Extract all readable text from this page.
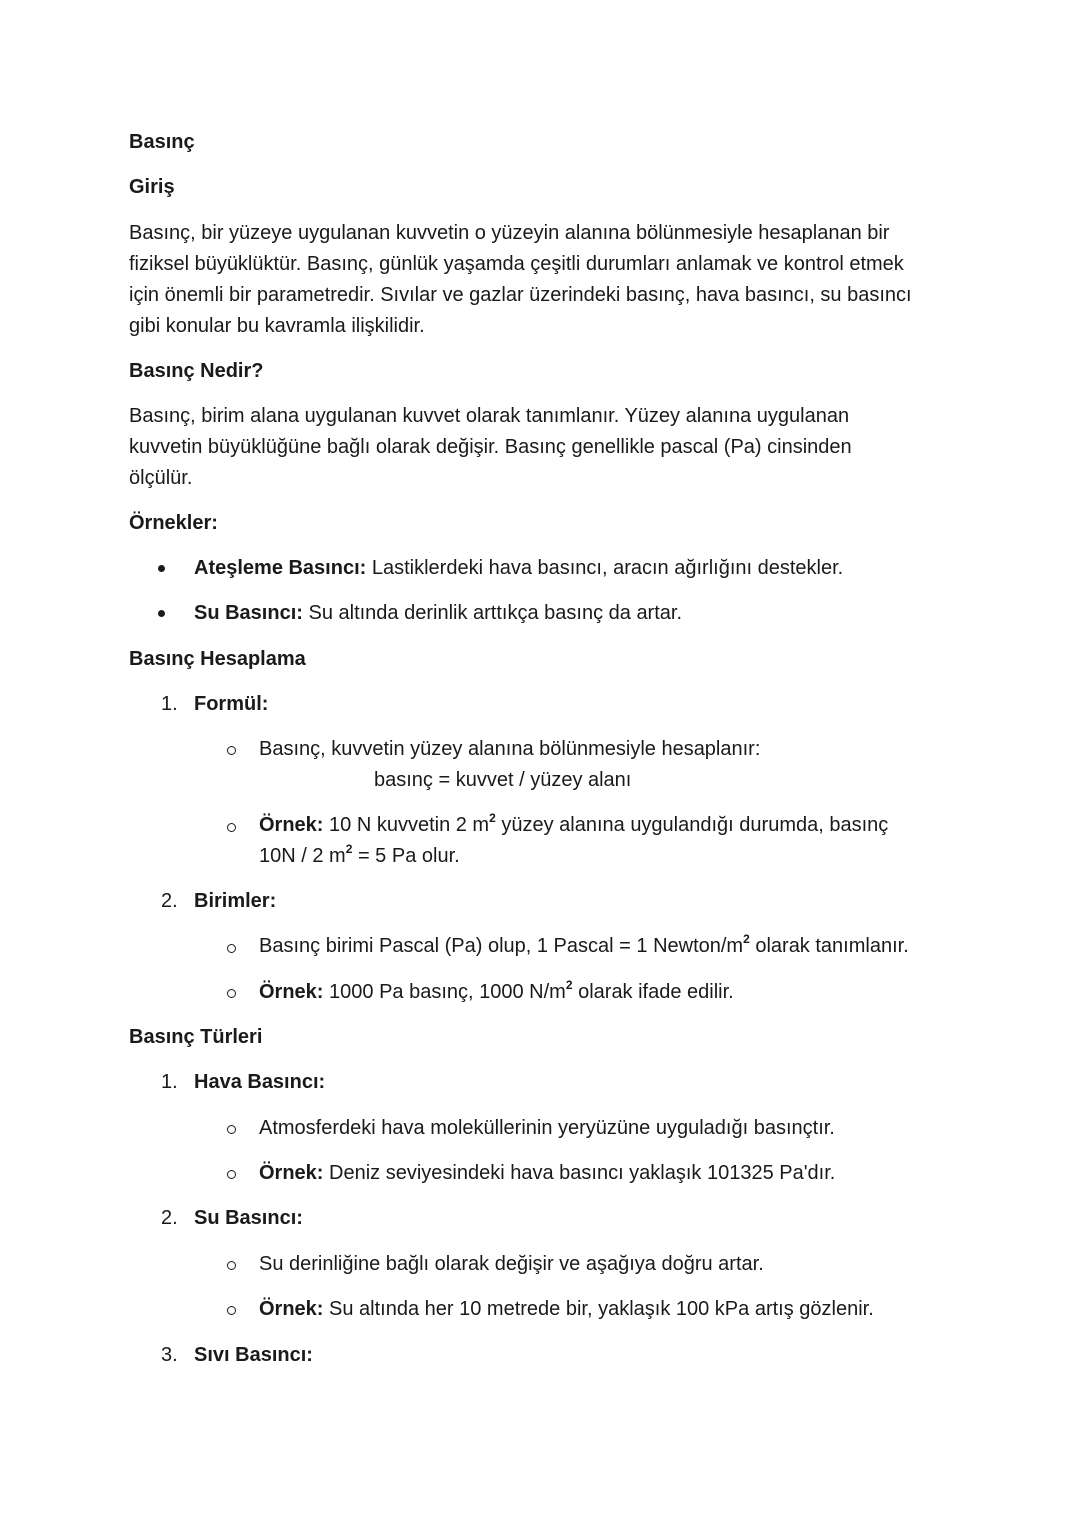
Basınç
Giriş
Basınç, bir yüzeye uygulanan kuvvetin o yüzeyin alanına bölünmesiyle hesaplanan bir
fiziksel büyüklüktür. Basınç, günlük yaşamda çeşitli durumları anlamak ve kontrol etmek
için önemli bir parametredir. Sıvılar ve gazlar üzerindeki basınç, hava basıncı, su basıncı
gibi konular bu kavramla ilişkilidir.
Basınç Nedir?
Basınç, birim alana uygulanan kuvvet olarak tanımlanır. Yüzey alanına uygulanan
kuvvetin büyüklüğüne bağlı olarak değişir. Basınç genellikle pascal (Pa) cinsinden
ölçülür.
Örnekler:
Ateşleme Basıncı: Lastiklerdeki hava basıncı, aracın ağırlığını destekler.
Su Basıncı: Su altında derinlik arttıkça basınç da artar.
Basınç Hesaplama
1. Formül:
Basınç, kuvvetin yüzey alanına bölünmesiyle hesaplanır:
basınç = kuvvet / yüzey alanı
Örnek: 10 N kuvvetin 2 $m^2$ yüzey alanına uygulandığı durumda, basınç
10N / 2 $m^2 = 5$ Pa olur.
2. Birimler:
Basınç birimi Pascal (Pa) olup, 1 Pascal = 1 Newton/$m^2$ olarak tanımlanır.
Örnek: 1000 Pa basınç, 1000 $N/m^2$ olarak ifade edilir.
Basınç Türleri
1. Hava Basıncı:
Atmosferdeki hava moleküllerinin yeryüzüne uyguladığı basınçtır.
Örnek: Deniz seviyesindeki hava basıncı yaklaşık 101325 Pa'dır.
2. Su Basıncı:
Su derinliğine bağlı olarak değişir ve aşağıya doğru artar.
Örnek: Su altında her 10 metrede bir, yaklaşık 100 kPa artış gözlenir.
3. Sıvı Basıncı:
